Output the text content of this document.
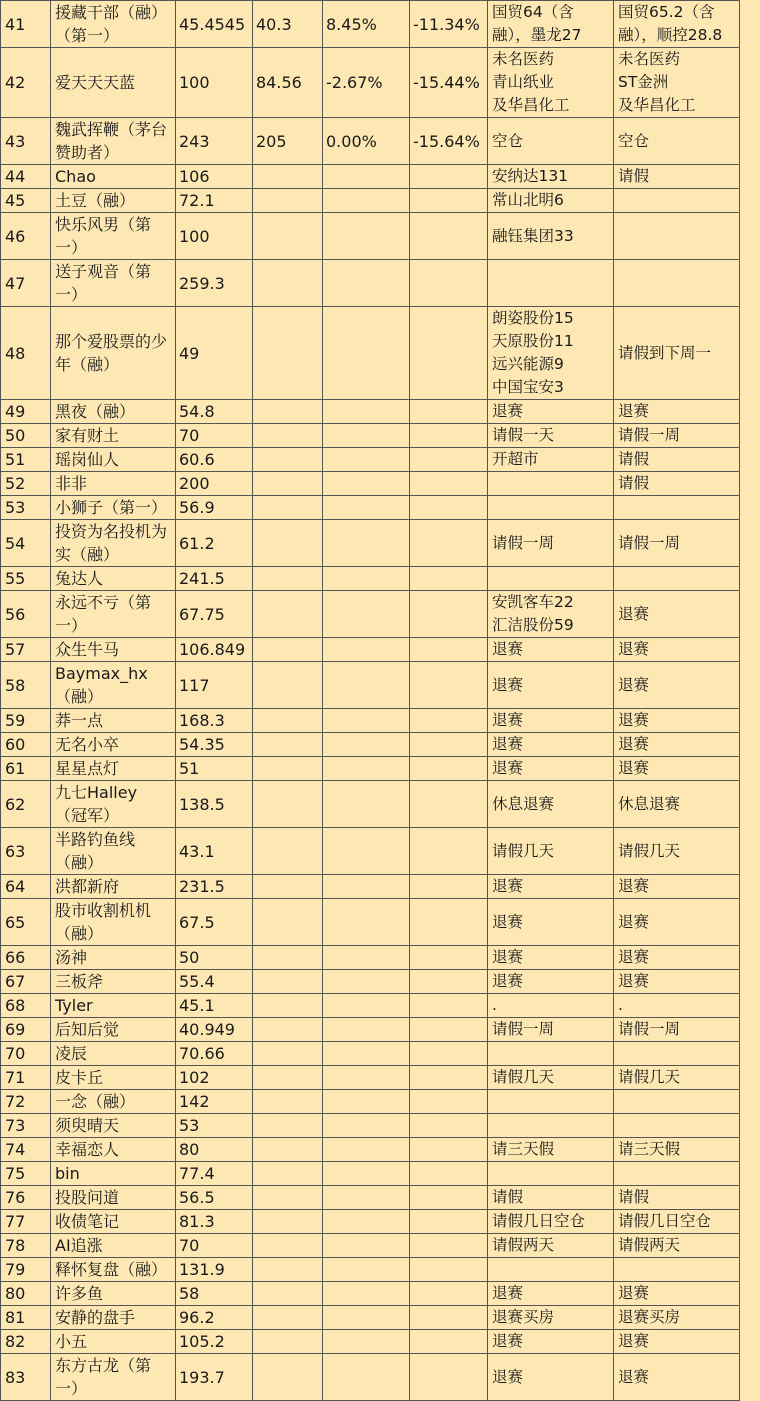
41	援藏干部（融）
（第一）	45.4545	40.3	8.45%	-11.34%	国贸64（含
融），墨龙27	国贸65.2（含
融），顺控28.8
42	爱天天天蓝	100	84.56	-2.67%	-15.44%	未名医药
青山纸业
及华昌化工	未名医药
ST金洲
及华昌化工
43	魏武挥鞭（茅台
赞助者）	243	205	0.00%	-15.64%	空仓	空仓
44	Chao	106				安纳达131	请假
45	土豆（融）	72.1				常山北明6	
46	快乐风男（第
一）	100				融钰集团33	
47	送子观音（第
一）	259.3					
48	那个爱股票的少
年（融）	49				朗姿股份15
天原股份11
远兴能源9
中国宝安3	请假到下周一
49	黑夜（融）	54.8				退赛	退赛
50	家有财土	70				请假一天	请假一周
51	瑶岗仙人	60.6				开超市	请假
52	非非	200					请假
53	小狮子（第一）	56.9					
54	投资为名投机为
实（融）	61.2				请假一周	请假一周
55	兔达人	241.5					
56	永远不亏（第
一）	67.75				安凯客车22
汇洁股份59	退赛
57	众生牛马	106.849				退赛	退赛
58	Baymax_hx
（融）	117				退赛	退赛
59	莽一点	168.3				退赛	退赛
60	无名小卒	54.35				退赛	退赛
61	星星点灯	51				退赛	退赛
62	九七Halley
（冠军）	138.5				休息退赛	休息退赛
63	半路钓鱼线
（融）	43.1				请假几天	请假几天
64	洪都新府	231.5				退赛	退赛
65	股市收割机机
（融）	67.5				退赛	退赛
66	汤神	50				退赛	退赛
67	三板斧	55.4				退赛	退赛
68	Tyler	45.1				.	.
69	后知后觉	40.949				请假一周	请假一周
70	凌辰	70.66					
71	皮卡丘	102				请假几天	请假几天
72	一念（融）	142					
73	须臾晴天	53					
74	幸福恋人	80				请三天假	请三天假
75	bin	77.4					
76	投股问道	56.5				请假	请假
77	收债笔记	81.3				请假几日空仓	请假几日空仓
78	AI追涨	70				请假两天	请假两天
79	释怀复盘（融）	131.9					
80	许多鱼	58				退赛	退赛
81	安静的盘手	96.2				退赛买房	退赛买房
82	小五	105.2				退赛	退赛
83	东方古龙（第
一）	193.7				退赛	退赛
